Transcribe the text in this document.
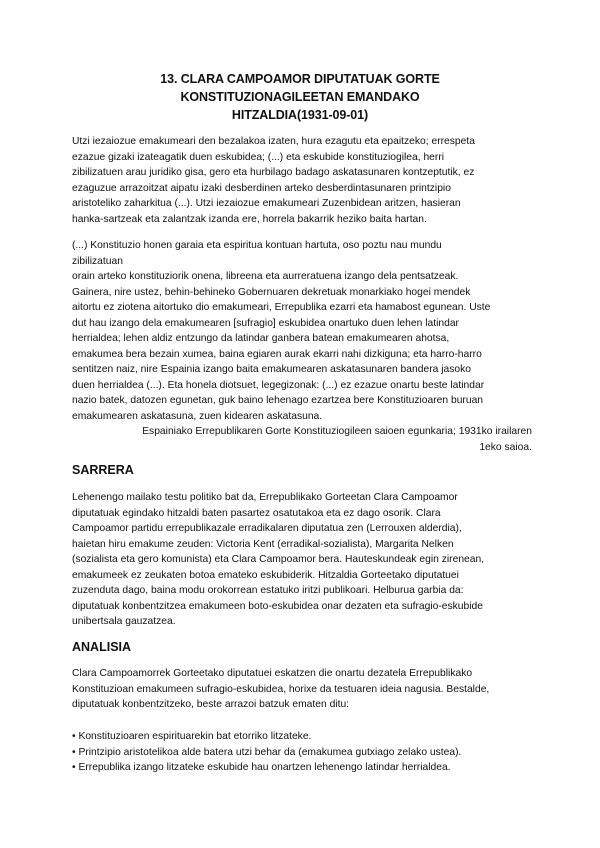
13. CLARA CAMPOAMOR DIPUTATUAK GORTE
KONSTITUZIONAGILEETAN EMANDAKO
HITZALDIA(1931-09-01)
Utzi iezaiozue emakumeari den bezalakoa izaten, hura ezagutu eta epaitzeko; errespeta
ezazue gizaki izateagatik duen eskubidea; (...) eta eskubide konstituziogilea, herri
zibilizatuen arau juridiko gisa, gero eta hurbilago badago askatasunaren kontzeptutik, ez
ezaguzue arrazoitzat aipatu izaki desberdinen arteko desberdintasunaren printzipio
aristoteliko zaharkitua (...). Utzi iezaiozue emakumeari Zuzenbidean aritzen, hasieran
hanka-sartzeak eta zalantzak izanda ere, horrela bakarrik heziko baita hartan.
(...) Konstituzio honen garaia eta espiritua kontuan hartuta, oso poztu nau mundu
zibilizatuan
orain arteko konstituziorik onena, libreena eta aurreratuena izango dela pentsatzeak.
Gainera, nire ustez, behin-behineko Gobernuaren dekretuak monarkiako hogei mendek
aitortu ez ziotena aitortuko dio emakumeari, Errepublika ezarri eta hamabost egunean. Uste
dut hau izango dela emakumearen [sufragio] eskubidea onartuko duen lehen latindar
herrialdea; lehen aldiz entzungo da latindar ganbera batean emakumearen ahotsa,
emakumea bera bezain xumea, baina egiaren aurak ekarri nahi dizkiguna; eta harro-harro
sentitzen naiz, nire Espainia izango baita emakumearen askatasunaren bandera jasoko
duen herrialdea (...). Eta honela diotsuet, legegizonak: (...) ez ezazue onartu beste latindar
nazio batek, datozen egunetan, guk baino lehenago ezartzea bere Konstituzioaren buruan
emakumearen askatasuna, zuen kidearen askatasuna.
Espainiako Errepublikaren Gorte Konstituziogileen saioen egunkaria; 1931ko irailaren
1eko saioa.
SARRERA
Lehenengo mailako testu politiko bat da, Errepublikako Gorteetan Clara Campoamor
diputatuak egindako hitzaldi baten pasartez osatutakoa eta ez dago osorik. Clara
Campoamor partidu errepublikazale erradikalaren diputatua zen (Lerrouxen alderdia),
haietan hiru emakume zeuden: Victoria Kent (erradikal-sozialista), Margarita Nelken
(sozialista eta gero komunista) eta Clara Campoamor bera. Hauteskundeak egin zirenean,
emakumeek ez zeukaten botoa emateko eskubiderik. Hitzaldia Gorteetako diputatuei
zuzenduta dago, baina modu orokorrean estatuko iritzi publikoari. Helburua garbia da:
diputatuak konbentzitzea emakumeen boto-eskubidea onar dezaten eta sufragio-eskubide
unibertsala gauzatzea.
ANALISIA
Clara Campoamorrek Gorteetako diputatuei eskatzen die onartu dezatela Errepublikako
Konstituzioan emakumeen sufragio-eskubidea, horixe da testuaren ideia nagusia. Bestalde,
diputatuak konbentzitzeko, beste arrazoi batzuk ematen ditu:
• Konstituzioaren espirituarekin bat etorriko litzateke.
• Printzipio aristotelikoa alde batera utzi behar da (emakumea gutxiago zelako ustea).
• Errepublika izango litzateke eskubide hau onartzen lehenengo latindar herrialdea.
